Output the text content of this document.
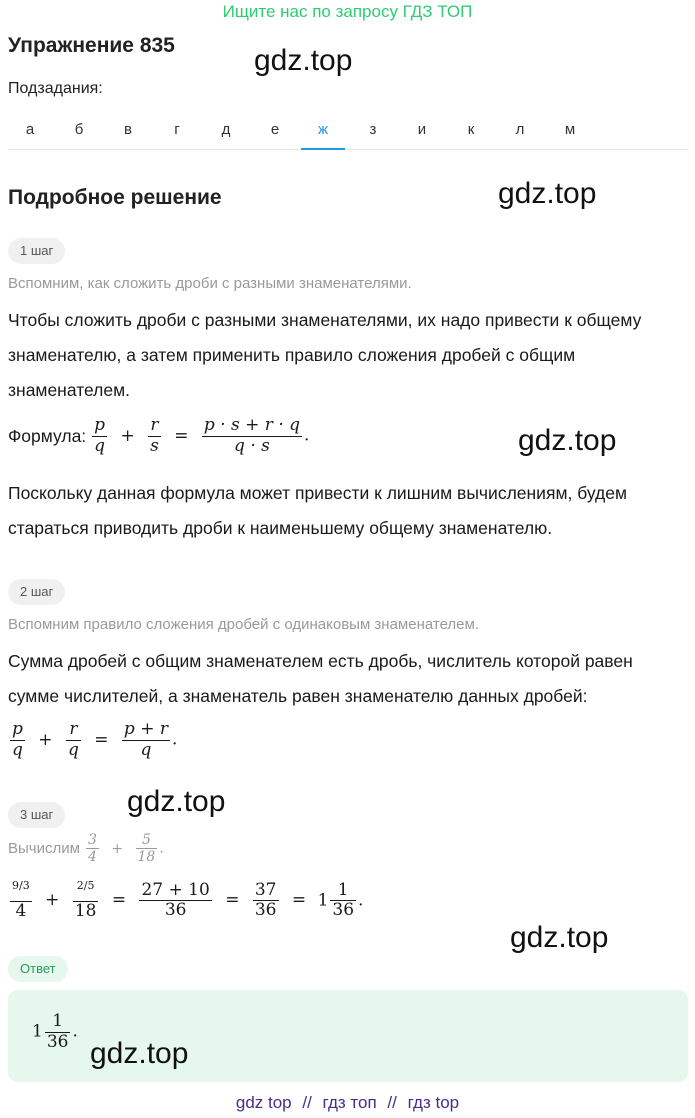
Ищите нас по запросу ГДЗ ТОП
Упражнение 835	gdz.top
Подзадания:
а	б	в	г	д	е	ж	з	и	к	л	м
Подробное решение	gdz.top
1 шаг
Вспомним, как сложить дроби с разными знаменателями.
Чтобы сложить дроби с разными знаменателями, их надо привести к общему знаменателю, а затем применить правило сложения дробей с общим знаменателем.
Формула: $\frac{p}{q} + \frac{r}{s} = \frac{p \cdot s + r \cdot q}{q \cdot s}$ .	gdz.top
Поскольку данная формула может привести к лишним вычислениям, будем стараться приводить дроби к наименьшему общему знаменателю.
2 шаг
Вспомним правило сложения дробей с одинаковым знаменателем.
Сумма дробей с общим знаменателем есть дробь, числитель которой равен сумме числителей, а знаменатель равен знаменателю данных дробей:
$\frac{p}{q} + \frac{r}{q} = \frac{p + r}{q}$ .
gdz.top
3 шаг
Вычислим $\frac{3}{4} + \frac{5}{18}$ .
$\frac{^{9/3}}{4} + \frac{^{2/5}}{18} = \frac{27 + 10}{36} = \frac{37}{36} = 1 \frac{1}{36}$ .
gdz.top
Ответ
$1 \frac{1}{36}$ .
gdz.top
gdz top // гдз топ // гдз top
